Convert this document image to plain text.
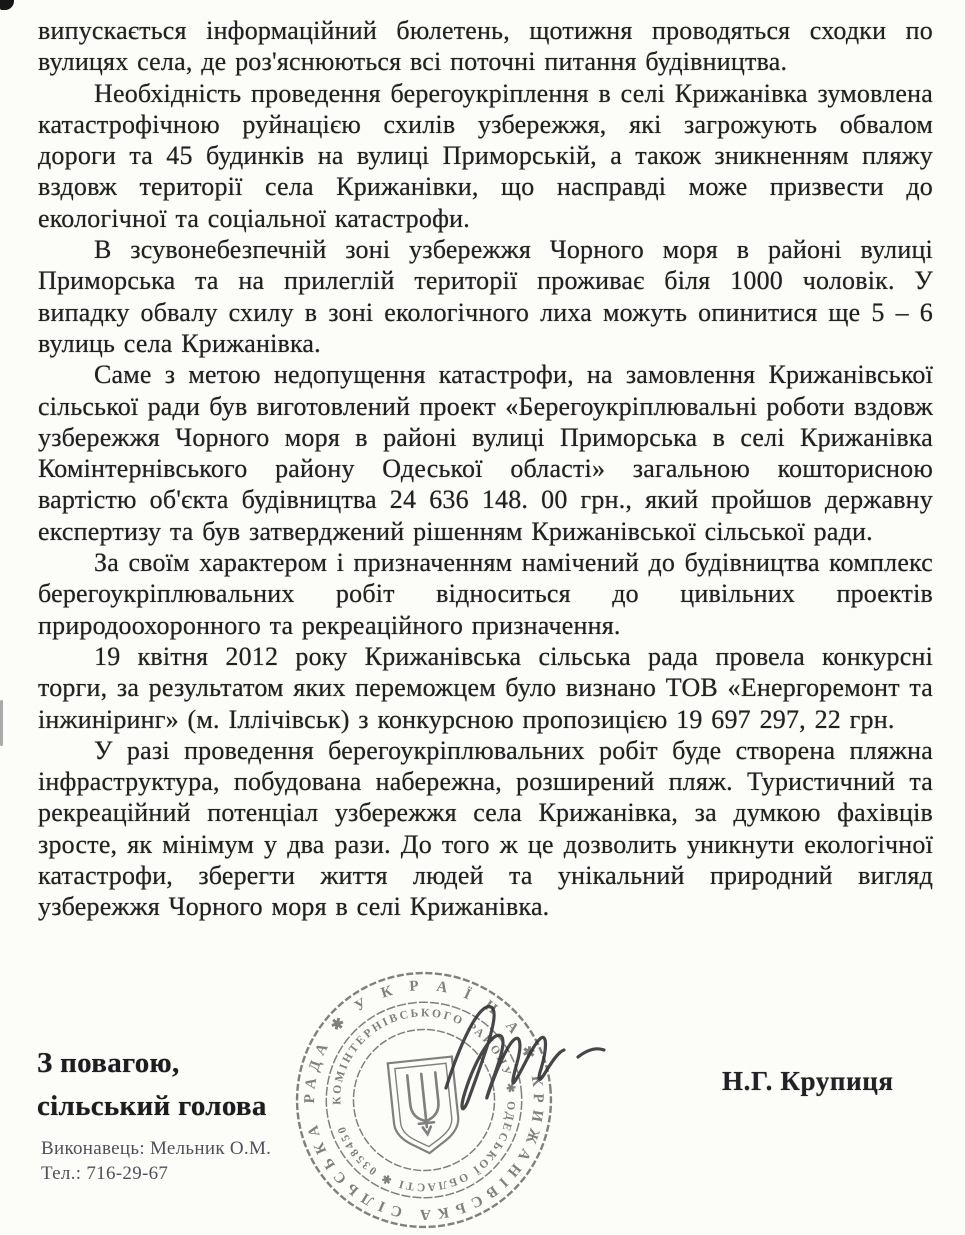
випускається інформаційний бюлетень, щотижня проводяться сходки по вулицях села, де роз'яснюються всі поточні питання будівництва.

Необхідність проведення берегоукріплення в селі Крижанівка зумовлена катастрофічною руйнацією схилів узбережжя, які загрожують обвалом дороги та 45 будинків на вулиці Приморській, а також зникненням пляжу вздовж території села Крижанівки, що насправді може призвести до екологічної та соціальної катастрофи.

В зсувонебезпечній зоні узбережжя Чорного моря в районі вулиці Приморська та на прилеглій території проживає біля 1000 чоловік. У випадку обвалу схилу в зоні екологічного лиха можуть опинитися ще 5 – 6 вулиць села Крижанівка.

Саме з метою недопущення катастрофи, на замовлення Крижанівської сільської ради був виготовлений проект «Берегоукріплювальні роботи вздовж узбережжя Чорного моря в районі вулиці Приморська в селі Крижанівка Комінтернівського району Одеської області» загальною кошторисною вартістю об'єкта будівництва 24 636 148. 00 грн., який пройшов державну експертизу та був затверджений рішенням Крижанівської сільської ради.

За своїм характером і призначенням намічений до будівництва комплекс берегоукріплювальних робіт відноситься до цивільних проектів природоохоронного та рекреаційного призначення.

19 квітня 2012 року Крижанівська сільська рада провела конкурсні торги, за результатом яких переможцем було визнано ТОВ «Енергоремонт та інжиніринг» (м. Іллічівськ) з конкурсною пропозицією 19 697 297, 22 грн.

У разі проведення берегоукріплювальних робіт буде створена пляжна інфраструктура, побудована набережна, розширений пляж. Туристичний та рекреаційний потенціал узбережжя села Крижанівка, за думкою фахівців зросте, як мінімум у два рази. До того ж це дозволить уникнути екологічної катастрофи, зберегти життя людей та унікальний природний вигляд узбережжя Чорного моря в селі Крижанівка.

З повагою,
сільський голова
Виконавець: Мельник О.М.
Тел.: 716-29-67
РАДА ✱ У К Р А Ї Н А ✱ КРИЖАНІВСЬКА СІЛЬСЬКА
КОМІНТЕРНІВСЬКОГО РАЙОНУ ✱ ОДЕСЬКОЇ ОБЛАСТІ ✱ 0358450
Н.Г. Крупиця
